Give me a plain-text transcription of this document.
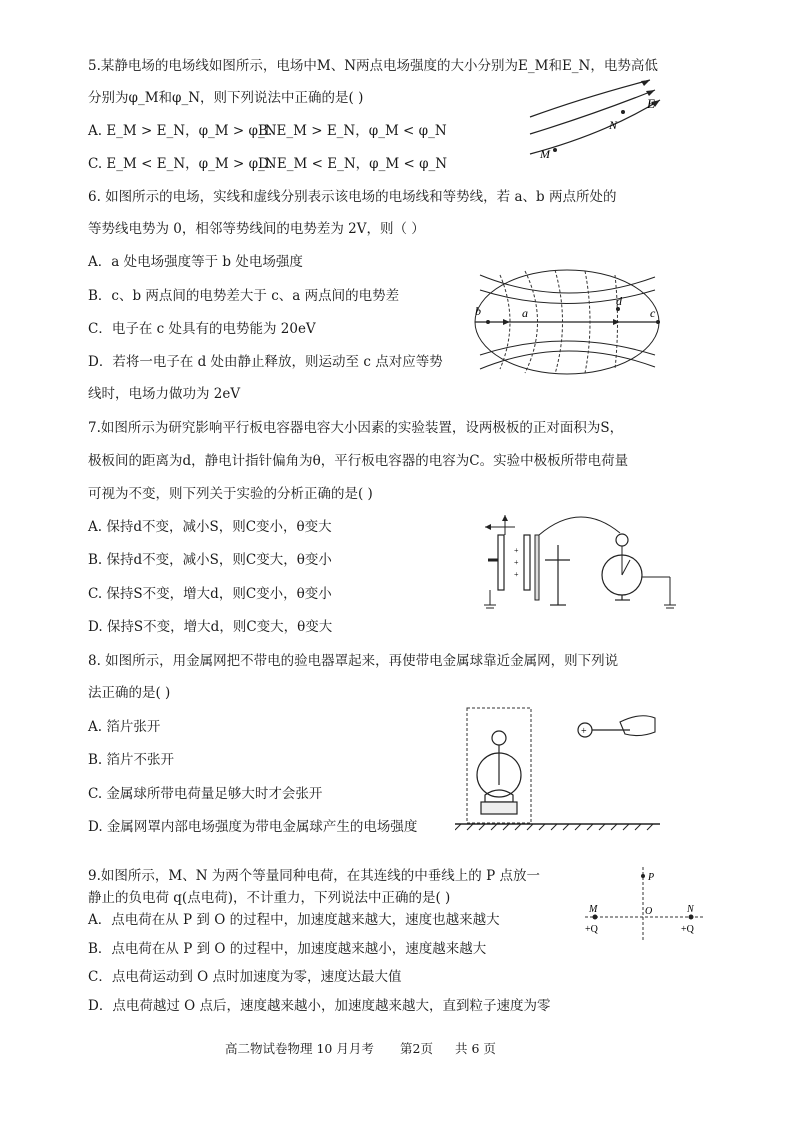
5.某静电场的电场线如图所示，电场中M、N两点电场强度的大小分别为E_M和E_N，电势高低
分别为φ_M和φ_N，则下列说法中正确的是( )
A. E_M > E_N，φ_M > φ_N
B. E_M > E_N，φ_M < φ_N
C. E_M < E_N，φ_M > φ_N
D. E_M < E_N，φ_M < φ_N
E
N
M
6. 如图所示的电场，实线和虚线分别表示该电场的电场线和等势线，若 a、b 两点所处的
等势线电势为 0，相邻等势线间的电势差为 2V，则（ ）
A．a 处电场强度等于 b 处电场强度
B．c、b 两点间的电势差大于 c、a 两点间的电势差
C．电子在 c 处具有的电势能为 20eV
D．若将一电子在 d 处由静止释放，则运动至 c 点对应等势
线时，电场力做功为 2eV
b	c
d
a
7.如图所示为研究影响平行板电容器电容大小因素的实验装置，设两极板的正对面积为S，
极板间的距离为d，静电计指针偏角为θ，平行板电容器的电容为C。实验中极板所带电荷量
可视为不变，则下列关于实验的分析正确的是( )
A. 保持d不变，减小S，则C变小，θ变大
B. 保持d不变，减小S，则C变大，θ变小
C. 保持S不变，增大d，则C变小，θ变小
D. 保持S不变，增大d，则C变大，θ变大
+
+
+
8. 如图所示，用金属网把不带电的验电器罩起来，再使带电金属球靠近金属网，则下列说
法正确的是( )
A. 箔片张开
B. 箔片不张开
C. 金属球所带电荷量足够大时才会张开
D. 金属网罩内部电场强度为带电金属球产生的电场强度
+
9.如图所示，M、N 为两个等量同种电荷，在其连线的中垂线上的 P 点放一
静止的负电荷 q(点电荷)，不计重力，下列说法中正确的是( )
A．点电荷在从 P 到 O 的过程中，加速度越来越大，速度也越来越大
B．点电荷在从 P 到 O 的过程中，加速度越来越小，速度越来越大
C．点电荷运动到 O 点时加速度为零，速度达最大值
D．点电荷越过 O 点后，速度越来越小，加速度越来越大，直到粒子速度为零
P
M	O	N
+Q	+Q
高二物试卷物理 10 月月考 第2页 共 6 页
